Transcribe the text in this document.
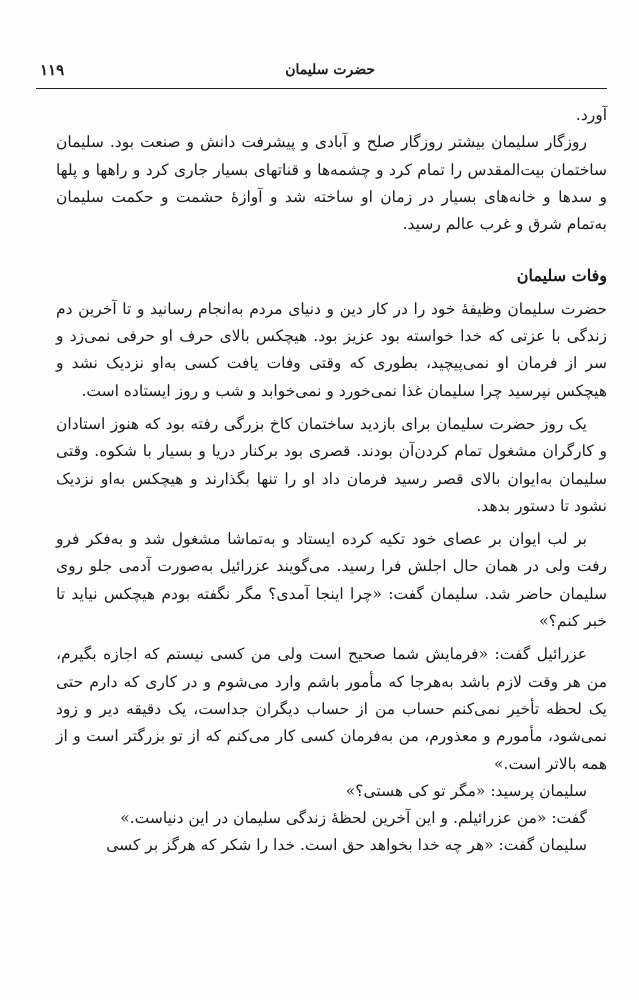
حضرت سلیمان
۱۱۹

آورد.

روزگار سلیمان بیشتر روزگار صلح و آبادی و پیشرفت دانش و صنعت بود. سلیمان ساختمان بیت‌المقدس را تمام کرد و چشمه‌ها و قناتهای بسیار جاری کرد و راهها و پلها و سدها و خانه‌های بسیار در زمان او ساخته شد و آوازهٔ حشمت و حکمت سلیمان به‌تمام شرق و غرب عالم رسید.

وفات سلیمان

حضرت سلیمان وظیفهٔ خود را در کار دین و دنیای مردم به‌انجام رسانید و تا آخرین دم زندگی با عزتی که خدا خواسته بود عزیز بود. هیچکس بالای حرف او حرفی نمی‌زد و سر از فرمان او نمی‌پیچید، بطوری که وقتی وفات یافت کسی به‌او نزدیک نشد و هیچکس نپرسید چرا سلیمان غذا نمی‌خورد و نمی‌خوابد و شب و روز ایستاده است.

یک روز حضرت سلیمان برای بازدید ساختمان کاخ بزرگی رفته بود که هنوز استادان و کارگران مشغول تمام کردن‌آن بودند. قصری بود برکنار دریا و بسیار با شکوه. وقتی سلیمان به‌ایوان بالای قصر رسید فرمان داد او را تنها بگذارند و هیچکس به‌او نزدیک نشود تا دستور بدهد.

بر لب ایوان بر عصای خود تکیه کرده ایستاد و به‌تماشا مشغول شد و به‌فکر فرو رفت ولی در همان حال اجلش فرا رسید. می‌گویند عزرائیل به‌صورت آدمی جلو روی سلیمان حاضر شد. سلیمان گفت: «چرا اینجا آمدی؟ مگر نگفته بودم هیچکس نیاید تا خبر کنم؟»

عزرائیل گفت: «فرمایش شما صحیح است ولی من کسی نیستم که اجازه بگیرم، من هر وقت لازم باشد به‌هرجا که مأمور باشم وارد می‌شوم و در کاری که دارم حتی یک لحظه تأخیر نمی‌کنم حساب من از حساب دیگران جداست، یک دقیقه دیر و زود نمی‌شود، مأمورم و معذورم، من به‌فرمان کسی کار می‌کنم که از تو بزرگتر است و از همه بالاتر است.»

سلیمان پرسید: «مگر تو کی هستی؟»

گفت: «من عزرائیلم. و این آخرین لحظهٔ زندگی سلیمان در این دنیاست.»

سلیمان گفت: «هر چه خدا بخواهد حق است. خدا را شکر که هرگز بر کسی
